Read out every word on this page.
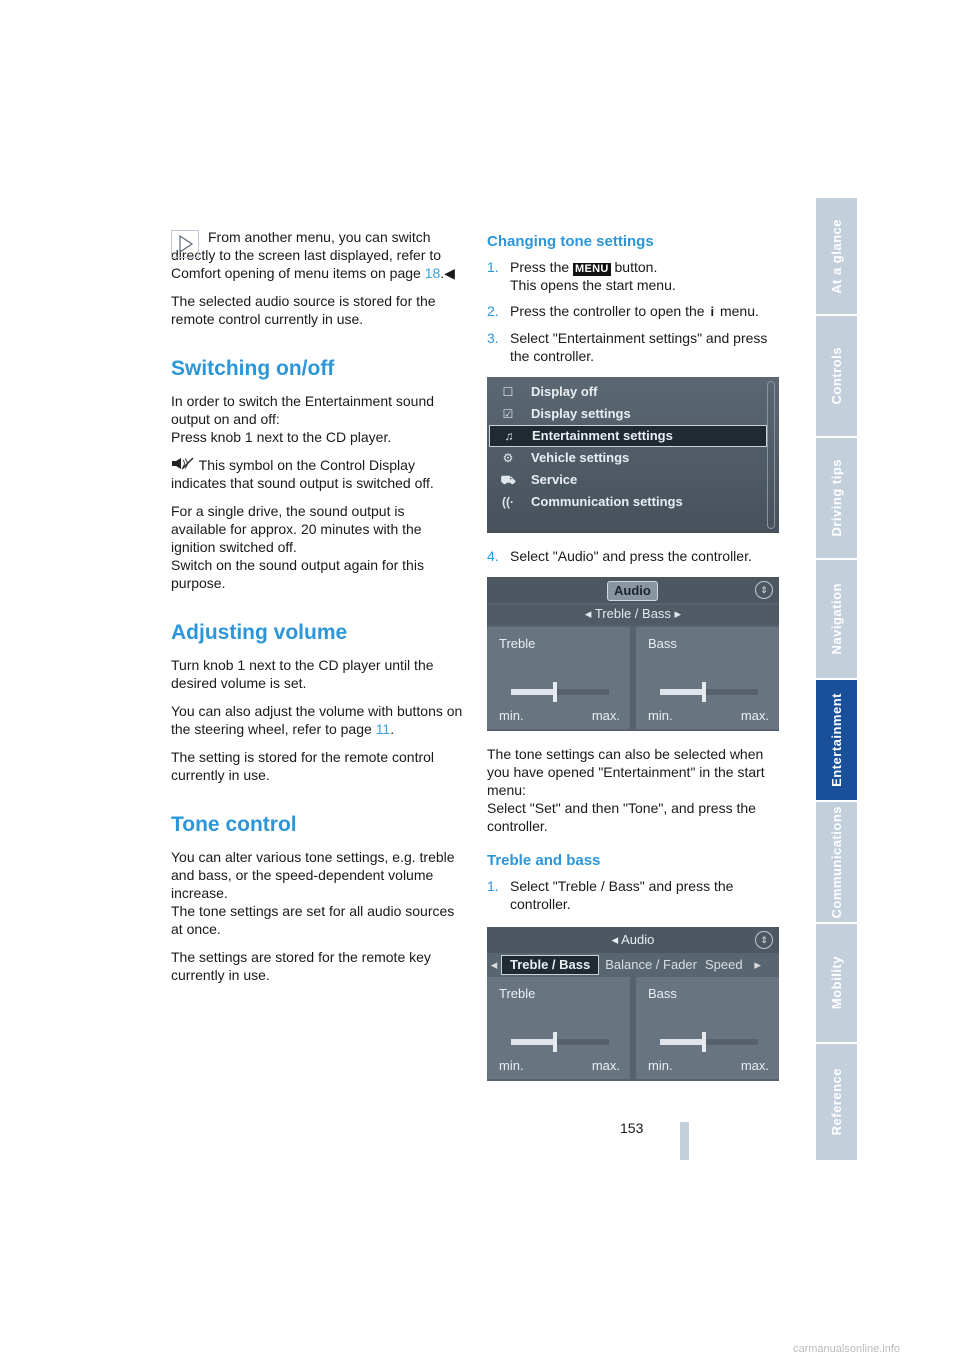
From another menu, you can switch directly to the screen last displayed, refer to Comfort opening of menu items on page 18.◀

The selected audio source is stored for the remote control currently in use.

Switching on/off

In order to switch the Entertainment sound output on and off:
Press knob 1 next to the CD player.

This symbol on the Control Display indicates that sound output is switched off.

For a single drive, the sound output is available for approx. 20 minutes with the ignition switched off.
Switch on the sound output again for this purpose.

Adjusting volume

Turn knob 1 next to the CD player until the desired volume is set.

You can also adjust the volume with buttons on the steering wheel, refer to page 11.

The setting is stored for the remote control currently in use.

Tone control

You can alter various tone settings, e.g. treble and bass, or the speed-dependent volume increase.
The tone settings are set for all audio sources at once.

The settings are stored for the remote key currently in use.

Changing tone settings
1. Press the MENU button.
This opens the start menu.
2. Press the controller to open the i menu.
3. Select "Entertainment settings" and press the controller.
☐	Display off
☑	Display settings
♫	Entertainment settings
⚙	Vehicle settings
⛟ Service
((·	Communication settings
4. Select "Audio" and press the controller.
Audio	⇕
◂ Treble / Bass ▸
Treble
min.	max.
Bass
min.	max.

The tone settings can also be selected when you have opened "Entertainment" in the start menu:
Select "Set" and then "Tone", and press the controller.

Treble and bass
1. Select "Treble / Bass" and press the controller.
◂ Audio	⇕
◂ Treble / Bass	Balance / Fader Speed ▸
Treble
min.	max.
Bass
min.	max.
At a glance
Controls
Driving tips
Navigation
Entertainment
Communications
Mobility
Reference
153
carmanualsonline.info
